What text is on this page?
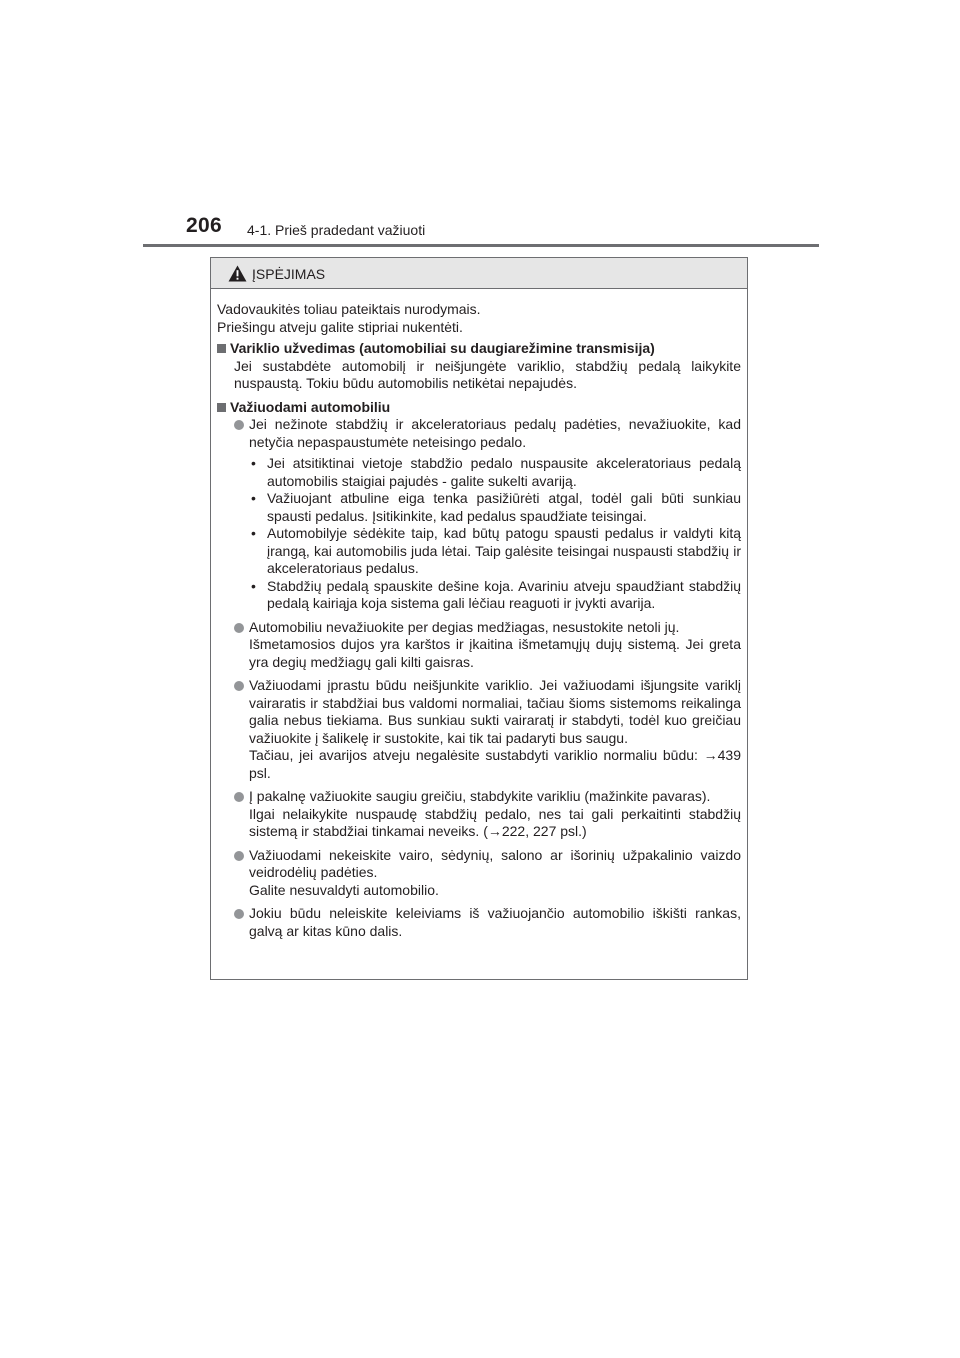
206 4-1. Prieš pradedant važiuoti
ĮSPĖJIMAS

Vadovaukitės toliau pateiktais nurodymais.

Priešingu atveju galite stipriai nukentėti.

Variklio užvedimas (automobiliai su daugiarežimine transmisija)
Jei sustabdėte automobilį ir neišjungėte variklio, stabdžių pedalą laikykite nuspaustą. Tokiu būdu automobilis netikėtai nepajudės.
Važiuodami automobiliu
Jei nežinote stabdžių ir akceleratoriaus pedalų padėties, nevažiuokite, kad netyčia nepaspaustumėte neteisingo pedalo.
• Jei atsitiktinai vietoje stabdžio pedalo nuspausite akceleratoriaus pedalą automobilis staigiai pajudės - galite sukelti avariją.
• Važiuojant atbuline eiga tenka pasižiūrėti atgal, todėl gali būti sunkiau spausti pedalus. Įsitikinkite, kad pedalus spaudžiate teisingai.
• Automobilyje sėdėkite taip, kad būtų patogu spausti pedalus ir valdyti kitą įrangą, kai automobilis juda lėtai. Taip galėsite teisingai nuspausti stabdžių ir akceleratoriaus pedalus.
• Stabdžių pedalą spauskite dešine koja. Avariniu atveju spaudžiant stabdžių pedalą kairiąja koja sistema gali lėčiau reaguoti ir įvykti avarija.
Automobiliu nevažiuokite per degias medžiagas, nesustokite netoli jų.
Išmetamosios dujos yra karštos ir įkaitina išmetamųjų dujų sistemą. Jei greta yra degių medžiagų gali kilti gaisras.
Važiuodami įprastu būdu neišjunkite variklio. Jei važiuodami išjungsite variklį vairaratis ir stabdžiai bus valdomi normaliai, tačiau šioms sistemoms reikalinga galia nebus tiekiama. Bus sunkiau sukti vairaratį ir stabdyti, todėl kuo greičiau važiuokite į šalikelę ir sustokite, kai tik tai padaryti bus saugu.
Tačiau, jei avarijos atveju negalėsite sustabdyti variklio normaliu būdu: →439 psl.
Į pakalnę važiuokite saugiu greičiu, stabdykite varikliu (mažinkite pavaras).
Ilgai nelaikykite nuspaudę stabdžių pedalo, nes tai gali perkaitinti stabdžių sistemą ir stabdžiai tinkamai neveiks. (→222, 227 psl.)
Važiuodami nekeiskite vairo, sėdynių, salono ar išorinių užpakalinio vaizdo veidrodėlių padėties.
Galite nesuvaldyti automobilio.
Jokiu būdu neleiskite keleiviams iš važiuojančio automobilio iškišti rankas, galvą ar kitas kūno dalis.
